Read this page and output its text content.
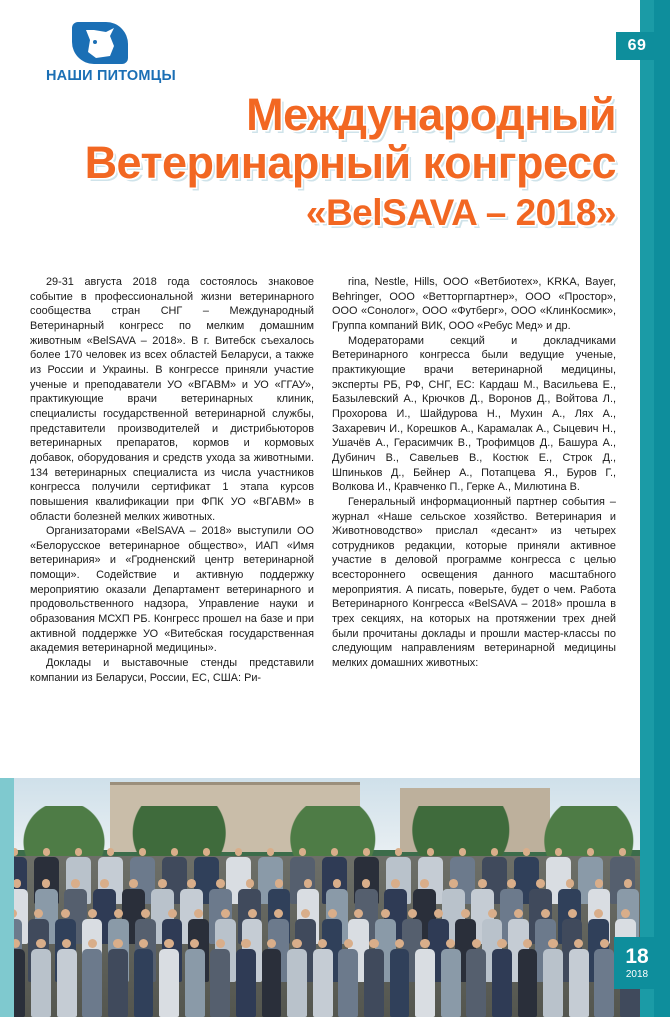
69
НАШИ ПИТОМЦЫ
Международный
Ветеринарный конгресс
«BelSAVA – 2018»

29-31 августа 2018 года состоялось знаковое событие в профессиональной жизни ветеринарного сообщества стран СНГ – Международный Ветеринарный конгресс по мелким домашним животным «BelSAVA – 2018». В г. Витебск съехалось более 170 человек из всех областей Беларуси, а также из России и Украины. В конгрессе приняли участие ученые и преподаватели УО «ВГАВМ» и УО «ГГАУ», практикующие врачи ветеринарных клиник, специалисты государственной ветеринарной службы, представители производителей и дистрибьюторов ветеринарных препаратов, кормов и кормовых добавок, оборудования и средств ухода за животными. 134 ветеринарных специалиста из числа участников конгресса получили сертификат 1 этапа курсов повышения квалификации при ФПК УО «ВГАВМ» в области болезней мелких животных.

Организаторами «BelSAVA – 2018» выступили ОО «Белорусское ветеринарное общество», ИАП «Имя ветеринария» и «Гродненский центр ветеринарной помощи». Содействие и активную поддержку мероприятию оказали Департамент ветеринарного и продовольственного надзора, Управление науки и образования МСХП РБ. Конгресс прошел на базе и при активной поддержке УО «Витебская государственная академия ветеринарной медицины».

Доклады и выставочные стенды представили компании из Беларуси, России, ЕС, США: Ри-

rina, Nestle, Hills, ООО «Ветбиотех», KRKA, Bayer, Behringer, ООО «Ветторгпартнер», ООО «Простор», ООО «Сонолог», ООО «Футберг», ООО «КлинКосмик», Группа компаний ВИК, ООО «Ребус Мед» и др.

Модераторами секций и докладчиками Ветеринарного конгресса были ведущие ученые, практикующие врачи ветеринарной медицины, эксперты РБ, РФ, СНГ, ЕС: Кардаш М., Васильева Е., Базылевский А., Крючков Д., Воронов Д., Войтова Л., Прохорова И., Шайдурова Н., Мухин А., Лях А., Захаревич И., Корешков А., Карамалак А., Сыцевич Н., Ушачёв А., Герасимчик В., Трофимцов Д., Башура А., Дубинич В., Савельев В., Костюк Е., Строк Д., Шпиньков Д., Бейнер А., Потапцева Я., Буров Г., Волкова И., Кравченко П., Герке А., Милютина В.

Генеральный информационный партнер события – журнал «Наше сельское хозяйство. Ветеринария и Животноводство» прислал «десант» из четырех сотрудников редакции, которые приняли активное участие в деловой программе конгресса с целью всестороннего освещения данного масштабного мероприятия. А писать, поверьте, будет о чем. Работа Ветеринарного Конгресса «BelSAVA – 2018» прошла в трех секциях, на которых на протяжении трех дней были прочитаны доклады и прошли мастер-классы по следующим направлениям ветеринарной медицины мелких домашних животных:

18
2018
